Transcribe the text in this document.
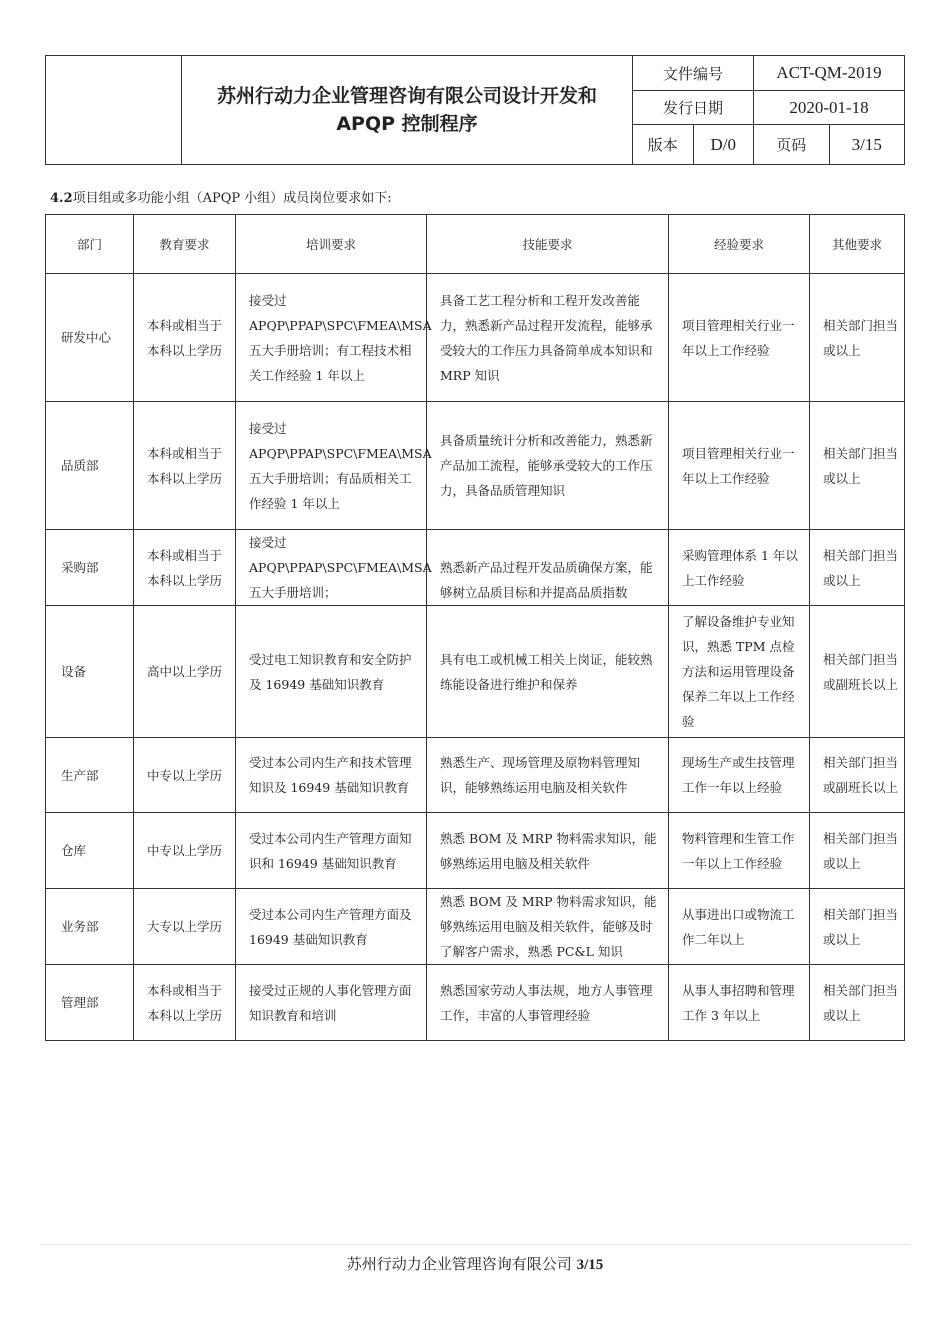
	苏州行动力企业管理咨询有限公司设计开发和
APQP 控制程序	文件编号		ACT-QM-2019	
		发行日期		2020-01-18	
		版本	D/0	页码	3/15
4.2项目组或多功能小组（APQP 小组）成员岗位要求如下:
部门	教育要求	培训要求	技能要求	经验要求	其他要求
研发中心	本科或相当于本科以上学历	接受过 APQP\PPAP\SPC\FMEA\MSA 五大手册培训；有工程技术相关工作经验 1 年以上	具备工艺工程分析和工程开发改善能力，熟悉新产品过程开发流程，能够承受较大的工作压力具备简单成本知识和 MRP 知识	项目管理相关行业一年以上工作经验	相关部门担当或以上
品质部	本科或相当于本科以上学历	接受过 APQP\PPAP\SPC\FMEA\MSA 五大手册培训；有品质相关工作经验 1 年以上	具备质量统计分析和改善能力，熟悉新产品加工流程，能够承受较大的工作压力，具备品质管理知识	项目管理相关行业一年以上工作经验	相关部门担当或以上
采购部	本科或相当于本科以上学历	接受过 APQP\PPAP\SPC\FMEA\MSA 五大手册培训；	熟悉新产品过程开发品质确保方案，能够树立品质目标和并提高品质指数	采购管理体系 1 年以上工作经验	相关部门担当或以上
设备	高中以上学历	受过电工知识教育和安全防护及 16949 基础知识教育	具有电工或机械工相关上岗证，能较熟练能设备进行维护和保养	了解设备维护专业知识，熟悉 TPM 点检方法和运用管理设备保养二年以上工作经验	相关部门担当或副班长以上
生产部	中专以上学历	受过本公司内生产和技术管理知识及 16949 基础知识教育	熟悉生产、现场管理及原物料管理知识，能够熟练运用电脑及相关软件	现场生产或生技管理工作一年以上经验	相关部门担当或副班长以上
仓库	中专以上学历	受过本公司内生产管理方面知识和 16949 基础知识教育	熟悉 BOM 及 MRP 物料需求知识，能够熟练运用电脑及相关软件	物料管理和生管工作一年以上工作经验	相关部门担当或以上
业务部	大专以上学历	受过本公司内生产管理方面及 16949 基础知识教育	熟悉 BOM 及 MRP 物料需求知识，能够熟练运用电脑及相关软件，能够及时了解客户需求，熟悉 PC&L 知识	从事进出口或物流工作二年以上	相关部门担当或以上
管理部	本科或相当于本科以上学历	接受过正规的人事化管理方面知识教育和培训	熟悉国家劳动人事法规，地方人事管理工作，丰富的人事管理经验	从事人事招聘和管理工作 3 年以上	相关部门担当或以上
苏州行动力企业管理咨询有限公司 3/15
